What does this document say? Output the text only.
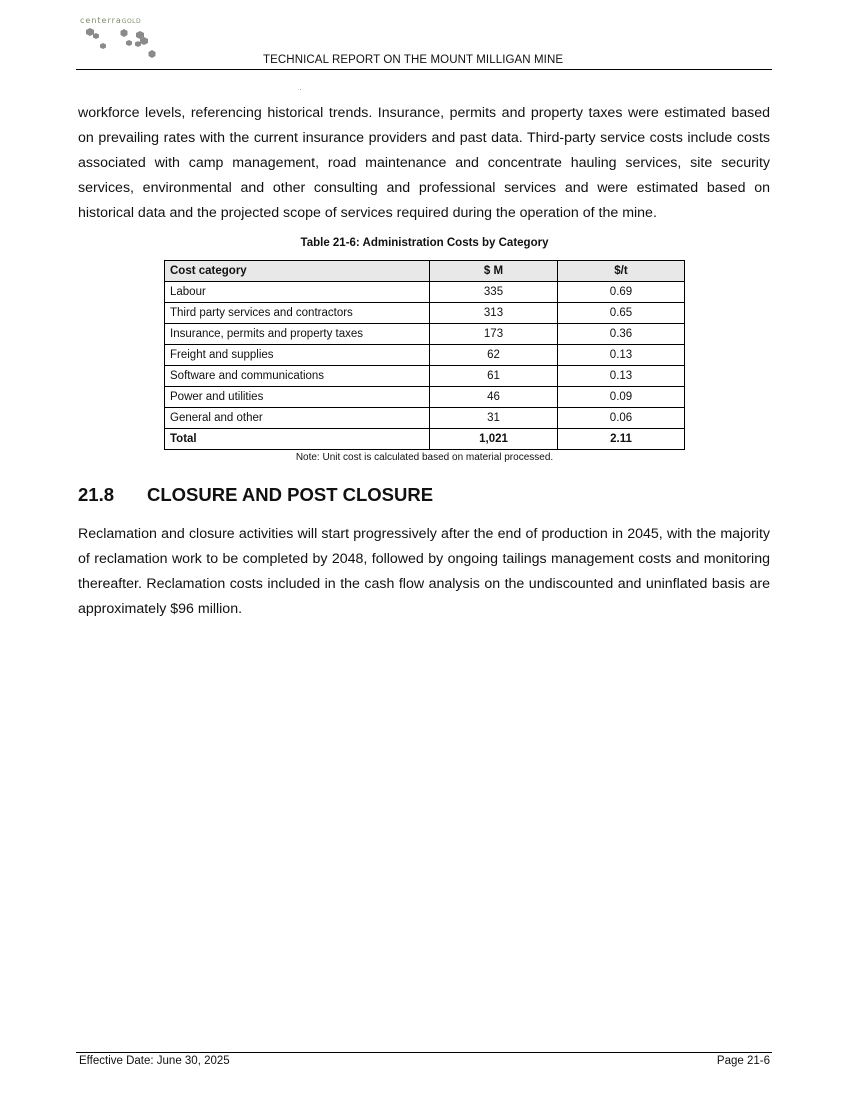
centerraGOLD
TECHNICAL REPORT ON THE MOUNT MILLIGAN MINE
workforce levels, referencing historical trends. Insurance, permits and property taxes were estimated based on prevailing rates with the current insurance providers and past data. Third-party service costs include costs associated with camp management, road maintenance and concentrate hauling services, site security services, environmental and other consulting and professional services and were estimated based on historical data and the projected scope of services required during the operation of the mine.
Table 21-6: Administration Costs by Category
Cost category	$ M	$/t
Labour	335	0.69
Third party services and contractors	313	0.65
Insurance, permits and property taxes	173	0.36
Freight and supplies	62	0.13
Software and communications	61	0.13
Power and utilities	46	0.09
General and other	31	0.06
Total	1,021	2.11
Note: Unit cost is calculated based on material processed.
21.8 CLOSURE AND POST CLOSURE
Reclamation and closure activities will start progressively after the end of production in 2045, with the majority of reclamation work to be completed by 2048, followed by ongoing tailings management costs and monitoring thereafter. Reclamation costs included in the cash flow analysis on the undiscounted and uninflated basis are approximately $96 million.
Effective Date: June 30, 2025	Page 21-6
